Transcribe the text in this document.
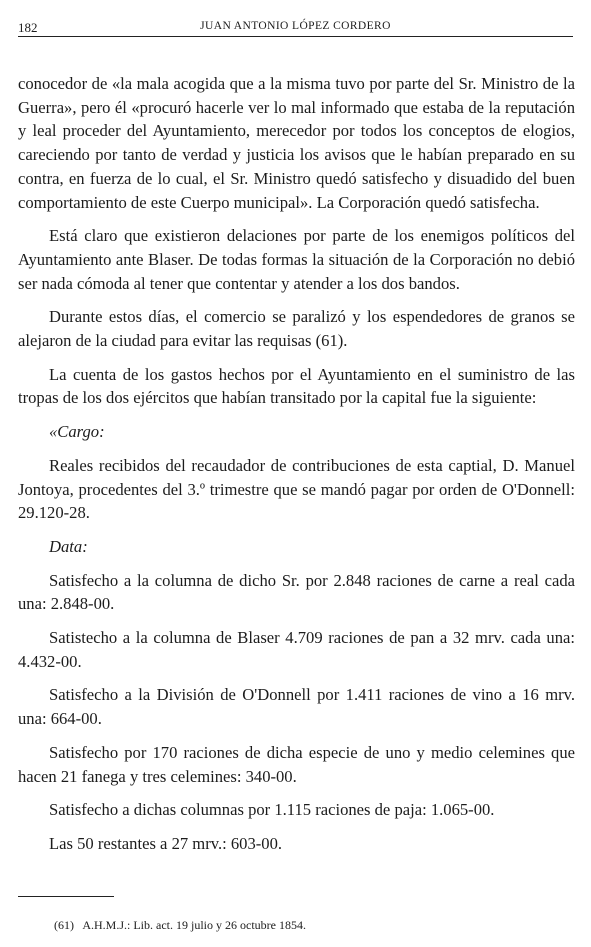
182	JUAN ANTONIO LÓPEZ CORDERO

conocedor de «la mala acogida que a la misma tuvo por parte del Sr. Ministro de la Guerra», pero él «procuró hacerle ver lo mal informado que estaba de la reputación y leal proceder del Ayuntamiento, merecedor por todos los conceptos de elogios, careciendo por tanto de verdad y justicia los avisos que le habían preparado en su contra, en fuerza de lo cual, el Sr. Ministro quedó satisfecho y disuadido del buen comportamiento de este Cuerpo municipal». La Corporación quedó satisfecha.

Está claro que existieron delaciones por parte de los enemigos políticos del Ayuntamiento ante Blaser. De todas formas la situación de la Corporación no debió ser nada cómoda al tener que contentar y atender a los dos bandos.

Durante estos días, el comercio se paralizó y los espendedores de granos se alejaron de la ciudad para evitar las requisas (61).

La cuenta de los gastos hechos por el Ayuntamiento en el suministro de las tropas de los dos ejércitos que habían transitado por la capital fue la siguiente:

«Cargo:

Reales recibidos del recaudador de contribuciones de esta captial, D. Manuel Jontoya, procedentes del 3.º trimestre que se mandó pagar por orden de O'Donnell: 29.120-28.

Data:

Satisfecho a la columna de dicho Sr. por 2.848 raciones de carne a real cada una: 2.848-00.

Satistecho a la columna de Blaser 4.709 raciones de pan a 32 mrv. cada una: 4.432-00.

Satisfecho a la División de O'Donnell por 1.411 raciones de vino a 16 mrv. una: 664-00.

Satisfecho por 170 raciones de dicha especie de uno y medio celemines que hacen 21 fanega y tres celemines: 340-00.

Satisfecho a dichas columnas por 1.115 raciones de paja: 1.065-00.

Las 50 restantes a 27 mrv.: 603-00.

(61) A.H.M.J.: Lib. act. 19 julio y 26 octubre 1854.
